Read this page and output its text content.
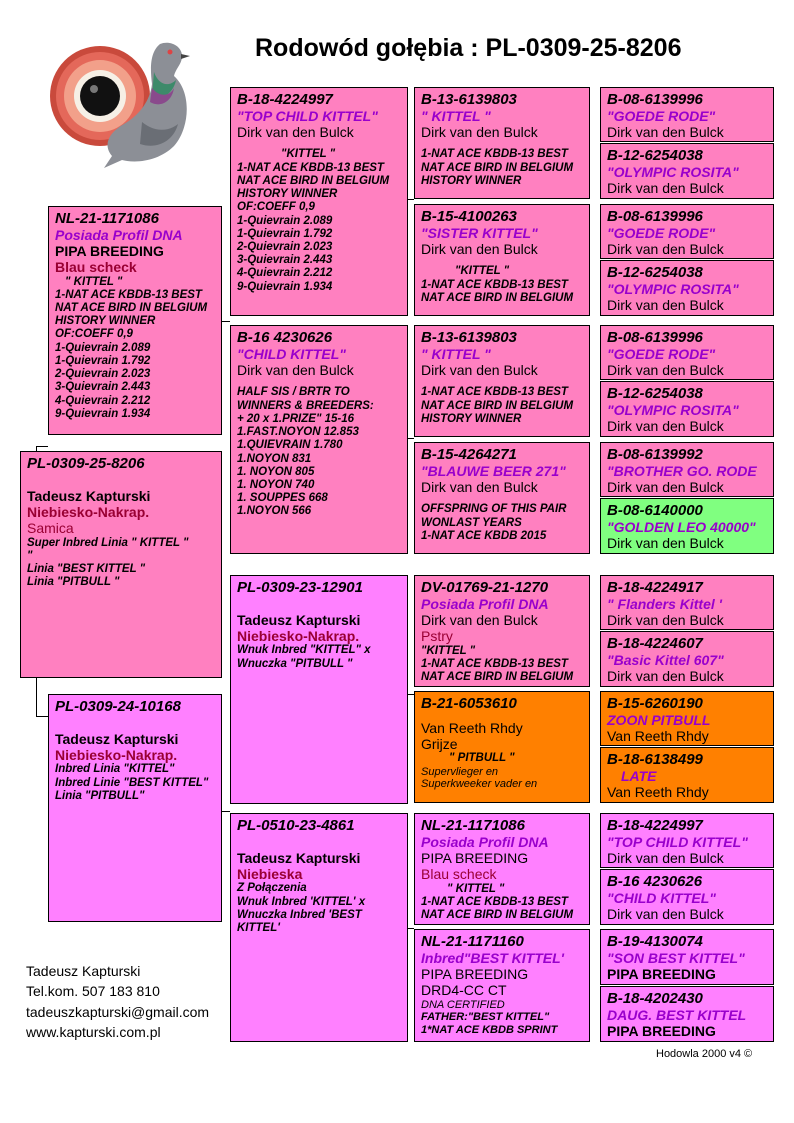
Rodowód gołębia : PL-0309-25-8206
PL-0309-25-8206
Tadeusz Kapturski
Niebiesko-Nakrap.
Samica
Super Inbred Linia " KITTEL "
"
Linia "BEST KITTEL "
Linia "PITBULL "
NL-21-1171086
Posiada Profil DNA
PIPA BREEDING
Blau scheck
" KITTEL "
1-NAT ACE KBDB-13 BEST
NAT ACE BIRD IN BELGIUM
HISTORY WINNER
OF:COEFF 0,9
1-Quievrain 2.089
1-Quievrain 1.792
2-Quievrain 2.023
3-Quievrain 2.443
4-Quievrain 2.212
9-Quievrain 1.934
PL-0309-24-10168
Tadeusz Kapturski
Niebiesko-Nakrap.
Inbred Linia "KITTEL"
Inbred Linie "BEST KITTEL"
Linia "PITBULL"
B-18-4224997
"TOP CHILD KITTEL"
Dirk van den Bulck
"KITTEL "
1-NAT ACE KBDB-13 BEST
NAT ACE BIRD IN BELGIUM
HISTORY WINNER
OF:COEFF 0,9
1-Quievrain 2.089
1-Quievrain 1.792
2-Quievrain 2.023
3-Quievrain 2.443
4-Quievrain 2.212
9-Quievrain 1.934
B-16 4230626
"CHILD KITTEL"
Dirk van den Bulck
HALF SIS / BRTR TO
WINNERS & BREEDERS:
+ 20 x 1.PRIZE" 15-16
1.FAST.NOYON 12.853
1.QUIEVRAIN 1.780
1.NOYON 831
1. NOYON 805
1. NOYON 740
1. SOUPPES 668
1.NOYON 566
PL-0309-23-12901
Tadeusz Kapturski
Niebiesko-Nakrap.
Wnuk Inbred "KITTEL" x
Wnuczka "PITBULL "
PL-0510-23-4861
Tadeusz Kapturski
Niebieska
Z Połączenia
Wnuk Inbred 'KITTEL' x
Wnuczka Inbred 'BEST
KITTEL'
B-13-6139803
" KITTEL "
Dirk van den Bulck
1-NAT ACE KBDB-13 BEST
NAT ACE BIRD IN BELGIUM
HISTORY WINNER
B-15-4100263
"SISTER KITTEL"
Dirk van den Bulck
"KITTEL "
1-NAT ACE KBDB-13 BEST
NAT ACE BIRD IN BELGIUM
B-13-6139803
" KITTEL "
Dirk van den Bulck
1-NAT ACE KBDB-13 BEST
NAT ACE BIRD IN BELGIUM
HISTORY WINNER
B-15-4264271
"BLAUWE BEER 271"
Dirk van den Bulck
OFFSPRING OF THIS PAIR
WONLAST YEARS
1-NAT ACE KBDB 2015
DV-01769-21-1270
Posiada Profil DNA
Dirk van den Bulck
Pstry
"KITTEL "
1-NAT ACE KBDB-13 BEST
NAT ACE BIRD IN BELGIUM
B-21-6053610
Van Reeth Rhdy
Grijze
" PITBULL "
Supervlieger en
Superkweeker vader en
NL-21-1171086
Posiada Profil DNA
PIPA BREEDING
Blau scheck
" KITTEL "
1-NAT ACE KBDB-13 BEST
NAT ACE BIRD IN BELGIUM
NL-21-1171160
Inbred"BEST KITTEL'
PIPA BREEDING
DRD4-CC CT
DNA CERTIFIED
FATHER:"BEST KITTEL"
1*NAT ACE KBDB SPRINT
B-08-6139996
"GOEDE RODE"
Dirk van den Bulck
B-12-6254038
"OLYMPIC ROSITA"
Dirk van den Bulck
B-08-6139996
"GOEDE RODE"
Dirk van den Bulck
B-12-6254038
"OLYMPIC ROSITA"
Dirk van den Bulck
B-08-6139996
"GOEDE RODE"
Dirk van den Bulck
B-12-6254038
"OLYMPIC ROSITA"
Dirk van den Bulck
B-08-6139992
"BROTHER GO. RODE
Dirk van den Bulck
B-08-6140000
"GOLDEN LEO 40000"
Dirk van den Bulck
B-18-4224917
" Flanders Kittel '
Dirk van den Bulck
B-18-4224607
"Basic Kittel 607"
Dirk van den Bulck
B-15-6260190
ZOON PITBULL
Van Reeth Rhdy
B-18-6138499
LATE
Van Reeth Rhdy
B-18-4224997
"TOP CHILD KITTEL"
Dirk van den Bulck
B-16 4230626
"CHILD KITTEL"
Dirk van den Bulck
B-19-4130074
"SON BEST KITTEL"
PIPA BREEDING
B-18-4202430
DAUG. BEST KITTEL
PIPA BREEDING
Tadeusz Kapturski
Tel.kom. 507 183 810
tadeuszkapturski@gmail.com
www.kapturski.com.pl
Hodowla 2000 v4 ©
